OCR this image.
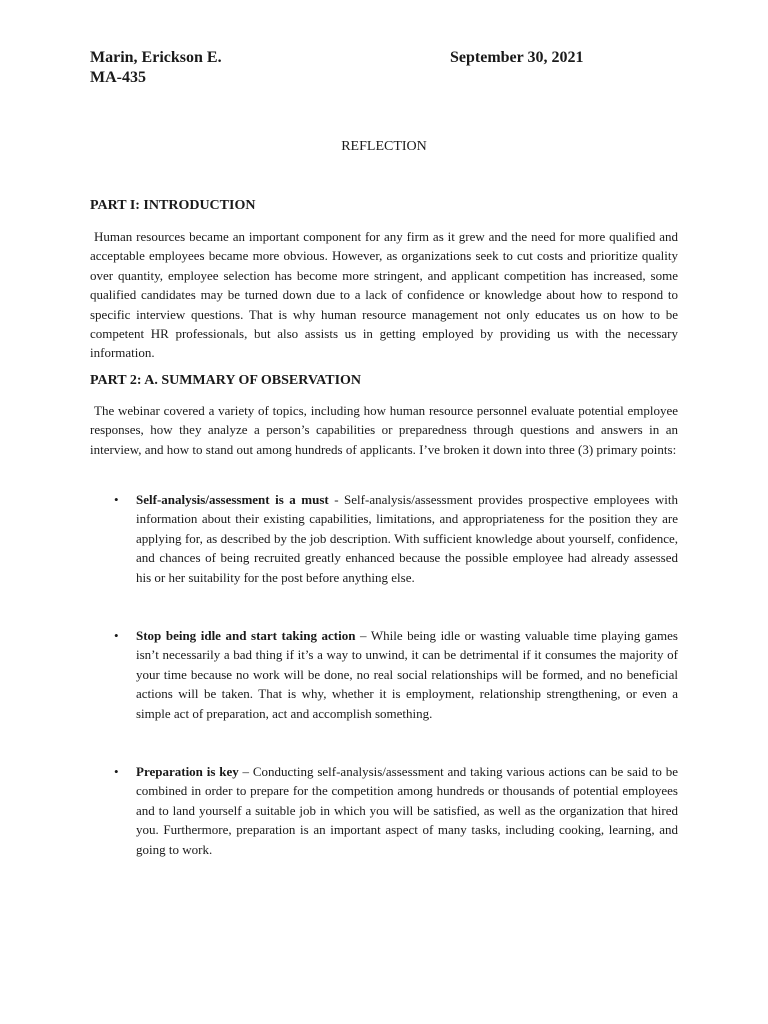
Marin, Erickson E.	September 30, 2021
MA-435
REFLECTION
PART I: INTRODUCTION

Human resources became an important component for any firm as it grew and the need for more qualified and acceptable employees became more obvious. However, as organizations seek to cut costs and prioritize quality over quantity, employee selection has become more stringent, and applicant competition has increased, some qualified candidates may be turned down due to a lack of confidence or knowledge about how to respond to specific interview questions. That is why human resource management not only educates us on how to be competent HR professionals, but also assists us in getting employed by providing us with the necessary information.

PART 2: A. SUMMARY OF OBSERVATION

The webinar covered a variety of topics, including how human resource personnel evaluate potential employee responses, how they analyze a person’s capabilities or preparedness through questions and answers in an interview, and how to stand out among hundreds of applicants. I’ve broken it down into three (3) primary points:

• Self-analysis/assessment is a must - Self-analysis/assessment provides prospective employees with information about their existing capabilities, limitations, and appropriateness for the position they are applying for, as described by the job description. With sufficient knowledge about yourself, confidence, and chances of being recruited greatly enhanced because the possible employee had already assessed his or her suitability for the post before anything else.

• Stop being idle and start taking action – While being idle or wasting valuable time playing games isn’t necessarily a bad thing if it’s a way to unwind, it can be detrimental if it consumes the majority of your time because no work will be done, no real social relationships will be formed, and no beneficial actions will be taken. That is why, whether it is employment, relationship strengthening, or even a simple act of preparation, act and accomplish something.

• Preparation is key – Conducting self-analysis/assessment and taking various actions can be said to be combined in order to prepare for the competition among hundreds or thousands of potential employees and to land yourself a suitable job in which you will be satisfied, as well as the organization that hired you. Furthermore, preparation is an important aspect of many tasks, including cooking, learning, and going to work.
